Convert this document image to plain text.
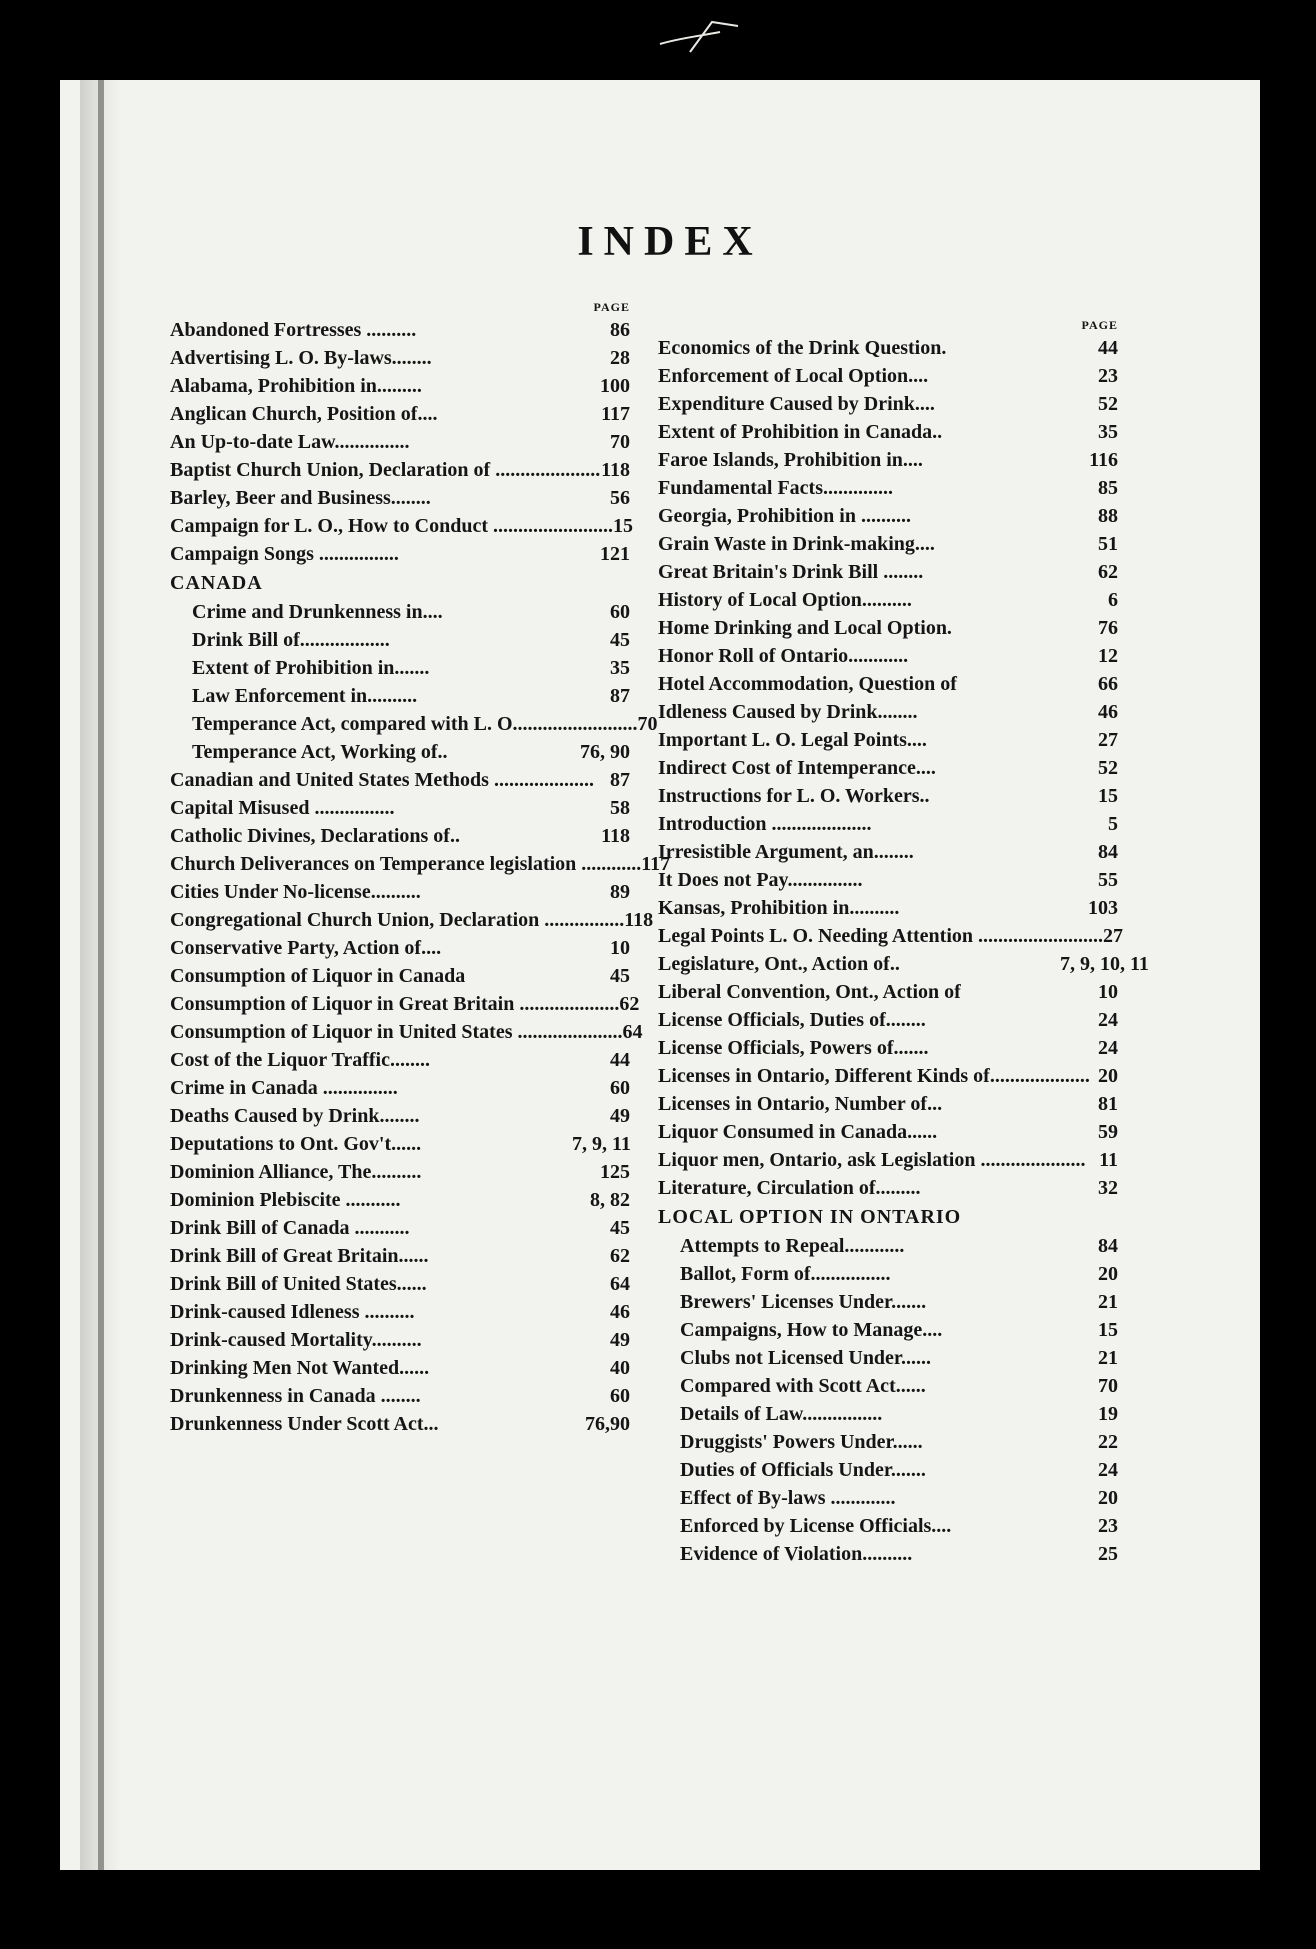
INDEX
PAGE
Abandoned Fortresses ..........	86
Advertising L. O. By-laws........	28
Alabama, Prohibition in.........	100
Anglican Church, Position of....	117
An Up-to-date Law...............	70
Baptist Church Union, Declaration of ..................... 118
Barley, Beer and Business........	56
Campaign for L. O., How to Conduct ........................ 15
Campaign Songs ................	121
CANADA
Crime and Drunkenness in....	60
Drink Bill of..................	45
Extent of Prohibition in.......	35
Law Enforcement in..........	87
Temperance Act, compared with L. O......................... 70
Temperance Act, Working of..	76, 90
Canadian and United States Methods .................... 87
Capital Misused ................	58
Catholic Divines, Declarations of..	118
Church Deliverances on Temperance legislation ............ 117
Cities Under No-license..........	89
Congregational Church Union, Declaration ................ 118
Conservative Party, Action of....	10
Consumption of Liquor in Canada	45
Consumption of Liquor in Great Britain .................... 62
Consumption of Liquor in United States ..................... 64
Cost of the Liquor Traffic........	44
Crime in Canada ...............	60
Deaths Caused by Drink........	49
Deputations to Ont. Gov't......	7, 9, 11
Dominion Alliance, The..........	125
Dominion Plebiscite ...........	8, 82
Drink Bill of Canada ...........	45
Drink Bill of Great Britain......	62
Drink Bill of United States......	64
Drink-caused Idleness ..........	46
Drink-caused Mortality..........	49
Drinking Men Not Wanted......	40
Drunkenness in Canada ........	60
Drunkenness Under Scott Act...	76,90
PAGE
Economics of the Drink Question.	44
Enforcement of Local Option....	23
Expenditure Caused by Drink....	52
Extent of Prohibition in Canada..	35
Faroe Islands, Prohibition in....	116
Fundamental Facts..............	85
Georgia, Prohibition in ..........	88
Grain Waste in Drink-making....	51
Great Britain's Drink Bill ........	62
History of Local Option..........	6
Home Drinking and Local Option.	76
Honor Roll of Ontario............	12
Hotel Accommodation, Question of	66
Idleness Caused by Drink........	46
Important L. O. Legal Points....	27
Indirect Cost of Intemperance....	52
Instructions for L. O. Workers..	15
Introduction ....................	5
Irresistible Argument, an........	84
It Does not Pay...............	55
Kansas, Prohibition in..........	103
Legal Points L. O. Needing Attention ......................... 27
Legislature, Ont., Action of..	7, 9, 10, 11
Liberal Convention, Ont., Action of	10
License Officials, Duties of........	24
License Officials, Powers of.......	24
Licenses in Ontario, Different Kinds of.................... 20
Licenses in Ontario, Number of...	81
Liquor Consumed in Canada......	59
Liquor men, Ontario, ask Legislation ..................... 11
Literature, Circulation of.........	32
LOCAL OPTION IN ONTARIO
Attempts to Repeal............	84
Ballot, Form of................	20
Brewers' Licenses Under.......	21
Campaigns, How to Manage....	15
Clubs not Licensed Under......	21
Compared with Scott Act......	70
Details of Law................	19
Druggists' Powers Under......	22
Duties of Officials Under.......	24
Effect of By-laws .............	20
Enforced by License Officials....	23
Evidence of Violation..........	25
